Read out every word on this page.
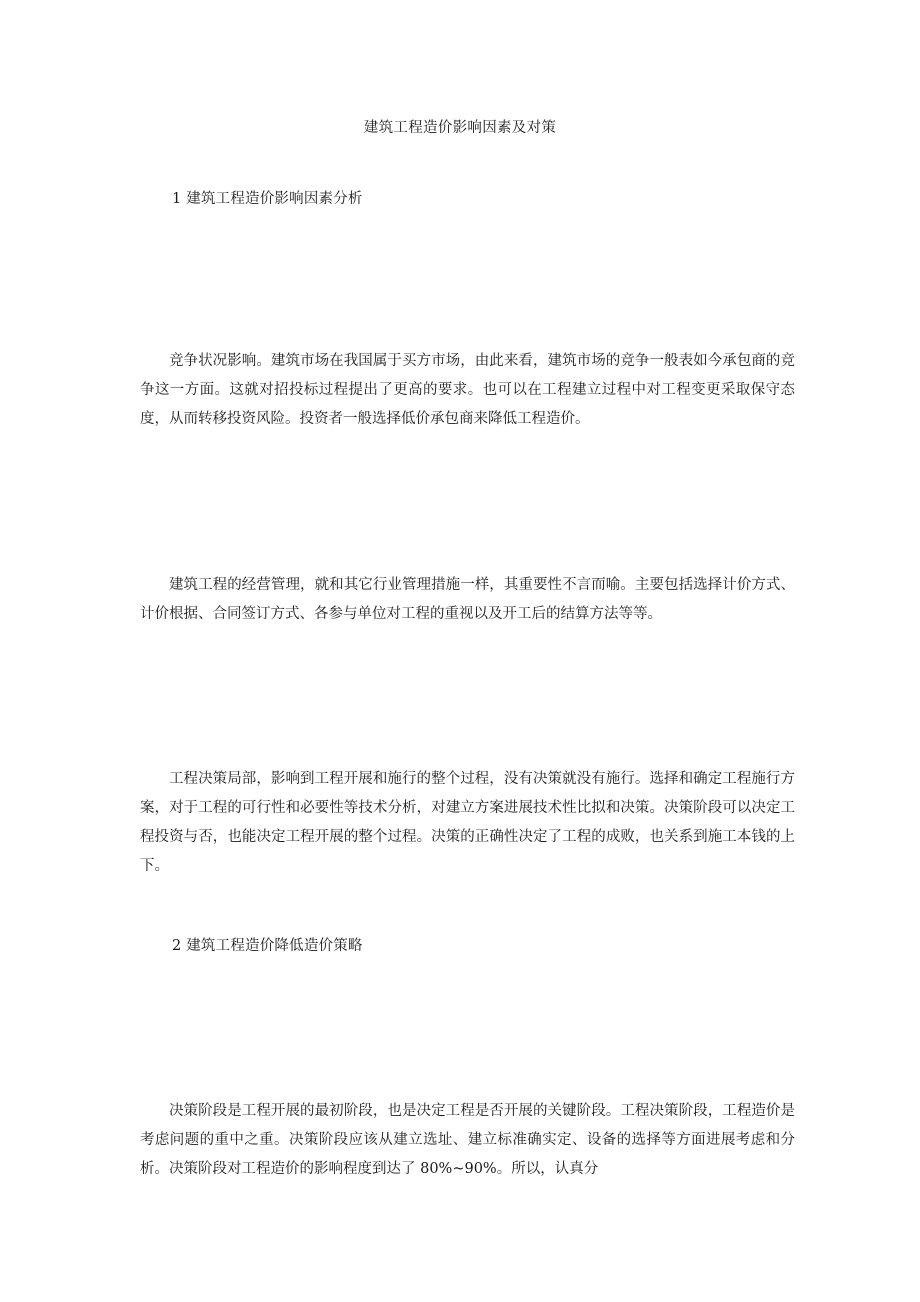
建筑工程造价影响因素及对策
1 建筑工程造价影响因素分析

竞争状况影响。建筑市场在我国属于买方市场，由此来看，建筑市场的竞争一般表如今承包商的竞争这一方面。这就对招投标过程提出了更高的要求。也可以在工程建立过程中对工程变更采取保守态度，从而转移投资风险。投资者一般选择低价承包商来降低工程造价。

建筑工程的经营管理，就和其它行业管理措施一样，其重要性不言而喻。主要包括选择计价方式、计价根据、合同签订方式、各参与单位对工程的重视以及开工后的结算方法等等。

工程决策局部，影响到工程开展和施行的整个过程，没有决策就没有施行。选择和确定工程施行方案，对于工程的可行性和必要性等技术分析，对建立方案进展技术性比拟和决策。决策阶段可以决定工程投资与否，也能决定工程开展的整个过程。决策的正确性决定了工程的成败，也关系到施工本钱的上下。

2 建筑工程造价降低造价策略

决策阶段是工程开展的最初阶段，也是决定工程是否开展的关键阶段。工程决策阶段，工程造价是考虑问题的重中之重。决策阶段应该从建立选址、建立标准确实定、设备的选择等方面进展考虑和分析。决策阶段对工程造价的影响程度到达了 80%~90%。所以，认真分
